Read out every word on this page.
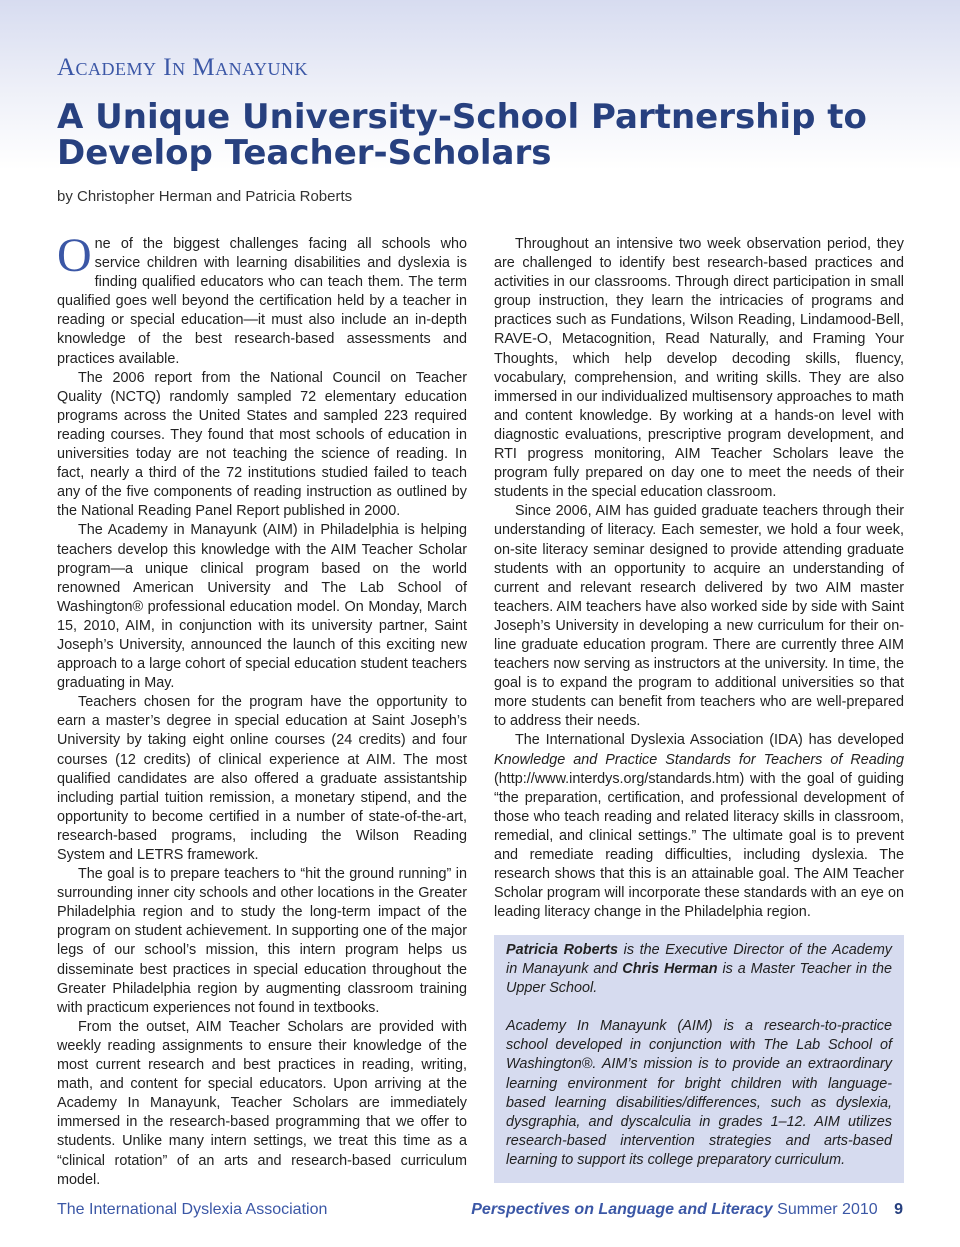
Academy In Manayunk
A Unique University-School Partnership to Develop Teacher-Scholars
by Christopher Herman and Patricia Roberts

One of the biggest challenges facing all schools who service children with learning disabilities and dyslexia is finding qualified educators who can teach them. The term qualified goes well beyond the certification held by a teacher in reading or special education—it must also include an in-depth knowledge of the best research-based assessments and practices available.

The 2006 report from the National Council on Teacher Quality (NCTQ) randomly sampled 72 elementary education programs across the United States and sampled 223 required reading courses. They found that most schools of education in universities today are not teaching the science of reading. In fact, nearly a third of the 72 institutions studied failed to teach any of the five components of reading instruction as outlined by the National Reading Panel Report published in 2000.

The Academy in Manayunk (AIM) in Philadelphia is helping teachers develop this knowledge with the AIM Teacher Scholar program—a unique clinical program based on the world renowned American University and The Lab School of Washington® professional education model. On Monday, March 15, 2010, AIM, in conjunction with its university partner, Saint Joseph’s University, announced the launch of this exciting new approach to a large cohort of special education student teachers graduating in May.

Teachers chosen for the program have the opportunity to earn a master’s degree in special education at Saint Joseph’s University by taking eight online courses (24 credits) and four courses (12 credits) of clinical experience at AIM. The most qualified candidates are also offered a graduate assistantship including partial tuition remission, a monetary stipend, and the opportunity to become certified in a number of state-of-the-art, research-based programs, including the Wilson Reading System and LETRS framework.

The goal is to prepare teachers to “hit the ground running” in surrounding inner city schools and other locations in the Greater Philadelphia region and to study the long-term impact of the program on student achievement. In supporting one of the major legs of our school’s mission, this intern program helps us disseminate best practices in special education throughout the Greater Philadelphia region by augmenting classroom training with practicum experiences not found in textbooks.

From the outset, AIM Teacher Scholars are provided with weekly reading assignments to ensure their knowledge of the most current research and best practices in reading, writing, math, and content for special educators. Upon arriving at the Academy In Manayunk, Teacher Scholars are immediately immersed in the research-based programming that we offer to students. Unlike many intern settings, we treat this time as a “clinical rotation” of an arts and research-based curriculum model.

Throughout an intensive two week observation period, they are challenged to identify best research-based practices and activities in our classrooms. Through direct participation in small group instruction, they learn the intricacies of programs and practices such as Fundations, Wilson Reading, Lindamood-Bell, RAVE-O, Metacognition, Read Naturally, and Framing Your Thoughts, which help develop decoding skills, fluency, vocabulary, comprehension, and writing skills. They are also immersed in our individualized multisensory approaches to math and content knowledge. By working at a hands-on level with diagnostic evaluations, prescriptive program development, and RTI progress monitoring, AIM Teacher Scholars leave the program fully prepared on day one to meet the needs of their students in the special education classroom.

Since 2006, AIM has guided graduate teachers through their understanding of literacy. Each semester, we hold a four week, on-site literacy seminar designed to provide attending graduate students with an opportunity to acquire an understanding of current and relevant research delivered by two AIM master teachers. AIM teachers have also worked side by side with Saint Joseph’s University in developing a new curriculum for their on-line graduate education program. There are currently three AIM teachers now serving as instructors at the university. In time, the goal is to expand the program to additional universities so that more students can benefit from teachers who are well-prepared to address their needs.

The International Dyslexia Association (IDA) has developed Knowledge and Practice Standards for Teachers of Reading (http://www.interdys.org/standards.htm) with the goal of guiding “the preparation, certification, and professional development of those who teach reading and related literacy skills in classroom, remedial, and clinical settings.” The ultimate goal is to prevent and remediate reading difficulties, including dyslexia. The research shows that this is an attainable goal. The AIM Teacher Scholar program will incorporate these standards with an eye on leading literacy change in the Philadelphia region.

Patricia Roberts is the Executive Director of the Academy in Manayunk and Chris Herman is a Master Teacher in the Upper School.

Academy In Manayunk (AIM) is a research-to-practice school developed in conjunction with The Lab School of Washington®. AIM’s mission is to provide an extraordinary learning environment for bright children with language-based learning disabilities/differences, such as dyslexia, dysgraphia, and dyscalculia in grades 1–12. AIM utilizes research-based intervention strategies and arts-based learning to support its college preparatory curriculum.

The International Dyslexia Association	Perspectives on Language and Literacy Summer 2010 9
